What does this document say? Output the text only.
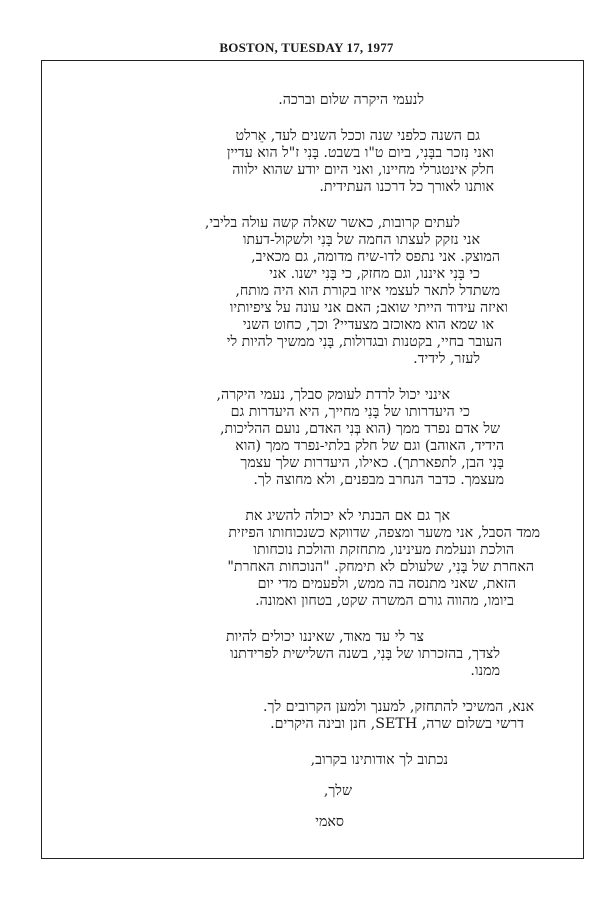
BOSTON, TUESDAY 17, 1977
לנעמי היקרה שלום וברכה.
גם השנה כלפני שנה וככל השנים לעד, אֵרלט
ואני נִזכר בבָּנִי, ביום ט"ו בשבט. בָּנִי ז"ל הוא עדיין
חלק אינטגרלי מחיינו, ואני היום יודע שהוא ילווה
אותנו לאורך כל דרכנו העתידית.
לעתים קרובות, כאשר שאלה קשה עולה בליבי,
אני נזקק לעצתו החמה של בָּנִי ולשקול-דעתו
המוצק. אני נתפס לדו-שיח מדומה, גם מכאיב,
כי בָּנִי איננו, וגם מחזק, כי בָּנִי ישנו. אני
משתדל לתאר לעצמי איזו בקורת הוא היה מותח,
ואיזה עידוד הייתי שואב; האם אני עונה על ציפיותיו
או שמא הוא מאוכזב מצעדיי? וכך, כחוט השני
העובר בחיי, בקטנות ובגדולות, בָּנִי ממשיך להיות לי
לעזר, לידיד.
אינני יכול לרדת לעומק סבלך, נעמי היקרה,
כי היעדרותו של בָּנִי מחייך, היא היעדרות גם
של אדם נפרד ממך (הוא בְּנִי האדם, נועם ההליכות,
הידיד, האוהב) וגם של חלק בלתי-נפרד ממך (הוא
בָּנִי הבן, לתפארתך). כאילו, היעדרות שלך עצמך
מעצמך. כדבר הנחרב מבפנים, ולא מחוצה לך.
אך גם אם הבנתי לא יכולה להשיג את
ממד הסבל, אני משער ומצפה, שדווקא כשנכוחותו הפיזית
הולכת ונעלמת מעינינו, מתחזקת והולכת נוכחותו
האחרת של בָּנִי, שלעולם לא תימחק. "הנוכחות האחרת"
הזאת, שאני מתנסה בה ממש, ולפעמים מדי יום
ביומו, מהווה גורם המשרה שקט, בטחון ואמונה.
צר לי עד מאוד, שאיננו יכולים להיות
לצדך, בהזכרתו של בָּנִי, בשנה השלישית לפרידתנו
ממנו.
אנא, המשיכי להתחזק, למענך ולמען הקרובים לך.
דרשי בשלום שרה, SETH, חנן ובינה היקרים.
נכתוב לך אודותינו בקרוב,
שלך,
סאמי
